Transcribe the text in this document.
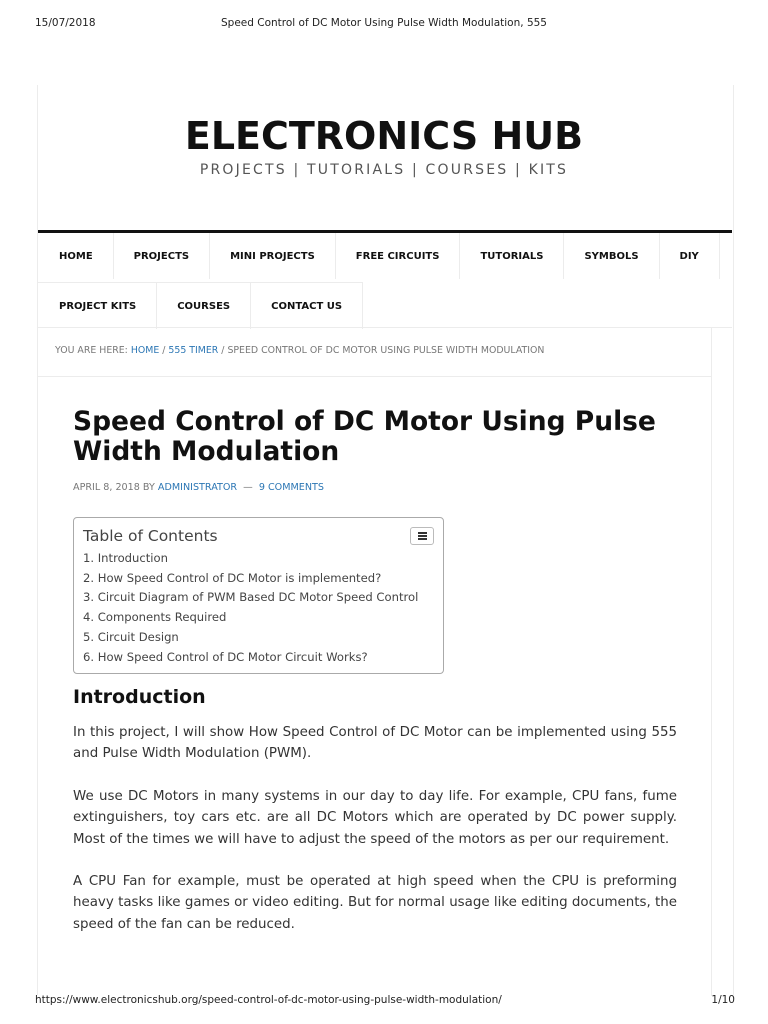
15/07/2018	Speed Control of DC Motor Using Pulse Width Modulation, 555
ELECTRONICS HUB
PROJECTS | TUTORIALS | COURSES | KITS
HOME	PROJECTS	MINI PROJECTS	FREE CIRCUITS	TUTORIALS	SYMBOLS	DIY
PROJECT KITS	COURSES	CONTACT US
YOU ARE HERE: HOME / 555 TIMER / SPEED CONTROL OF DC MOTOR USING PULSE WIDTH MODULATION
Speed Control of DC Motor Using Pulse Width Modulation
APRIL 8, 2018 BY ADMINISTRATOR — 9 COMMENTS
Table of Contents
1. Introduction
2. How Speed Control of DC Motor is implemented?
3. Circuit Diagram of PWM Based DC Motor Speed Control
4. Components Required
5. Circuit Design
6. How Speed Control of DC Motor Circuit Works?
Introduction

In this project, I will show How Speed Control of DC Motor can be implemented using 555 and Pulse Width Modulation (PWM).

We use DC Motors in many systems in our day to day life. For example, CPU fans, fume extinguishers, toy cars etc. are all DC Motors which are operated by DC power supply. Most of the times we will have to adjust the speed of the motors as per our requirement.

A CPU Fan for example, must be operated at high speed when the CPU is preforming heavy tasks like games or video editing. But for normal usage like editing documents, the speed of the fan can be reduced.

https://www.electronicshub.org/speed-control-of-dc-motor-using-pulse-width-modulation/	1/10
